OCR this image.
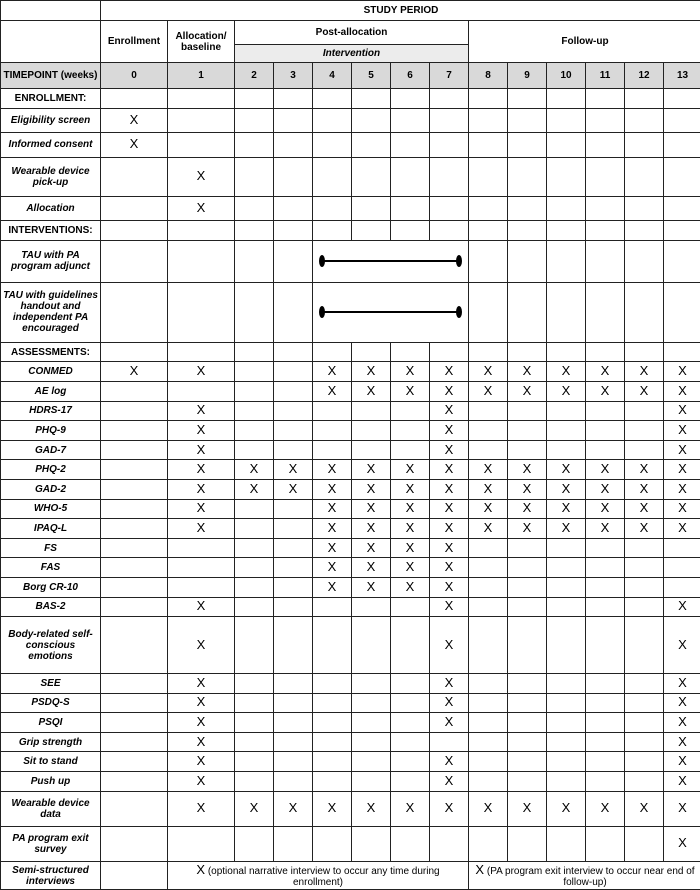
	STUDY PERIOD													
	Enrollment	Allocation/ baseline	Post-allocation						Follow-up					
			Intervention											
TIMEPOINT (weeks)	0	1	2	3	4	5	6	7	8	9	10	11	12	13
ENROLLMENT:														
Eligibility screen	X													
Informed consent	X													
Wearable device pick-up		X												
Allocation		X												
INTERVENTIONS:														
TAU with PA program adjunct								

TAU with guidelines handout and independent PA encouraged								

ASSESSMENTS:														
CONMED	X	X			X	X	X	X	X	X	X	X	X	X
AE log					X	X	X	X	X	X	X	X	X	X
HDRS-17		X						X						X
PHQ-9		X						X						X
GAD-7		X						X						X
PHQ-2		X	X	X	X	X	X	X	X	X	X	X	X	X
GAD-2		X	X	X	X	X	X	X	X	X	X	X	X	X
WHO-5		X			X	X	X	X	X	X	X	X	X	X
IPAQ-L		X			X	X	X	X	X	X	X	X	X	X
FS					X	X	X	X						
FAS					X	X	X	X						
Borg CR-10					X	X	X	X						
BAS-2		X						X						X
Body-related self-conscious emotions		X						X						X
SEE		X						X						X
PSDQ-S		X						X						X
PSQI		X						X						X
Grip strength		X												X
Sit to stand		X						X						X
Push up		X						X						X
Wearable device data		X	X	X	X	X	X	X	X	X	X	X	X	X
PA program exit survey														X
Semi-structured interviews		X (optional narrative interview to occur any time during enrollment)							X (PA program exit interview to occur near end of follow-up)					
